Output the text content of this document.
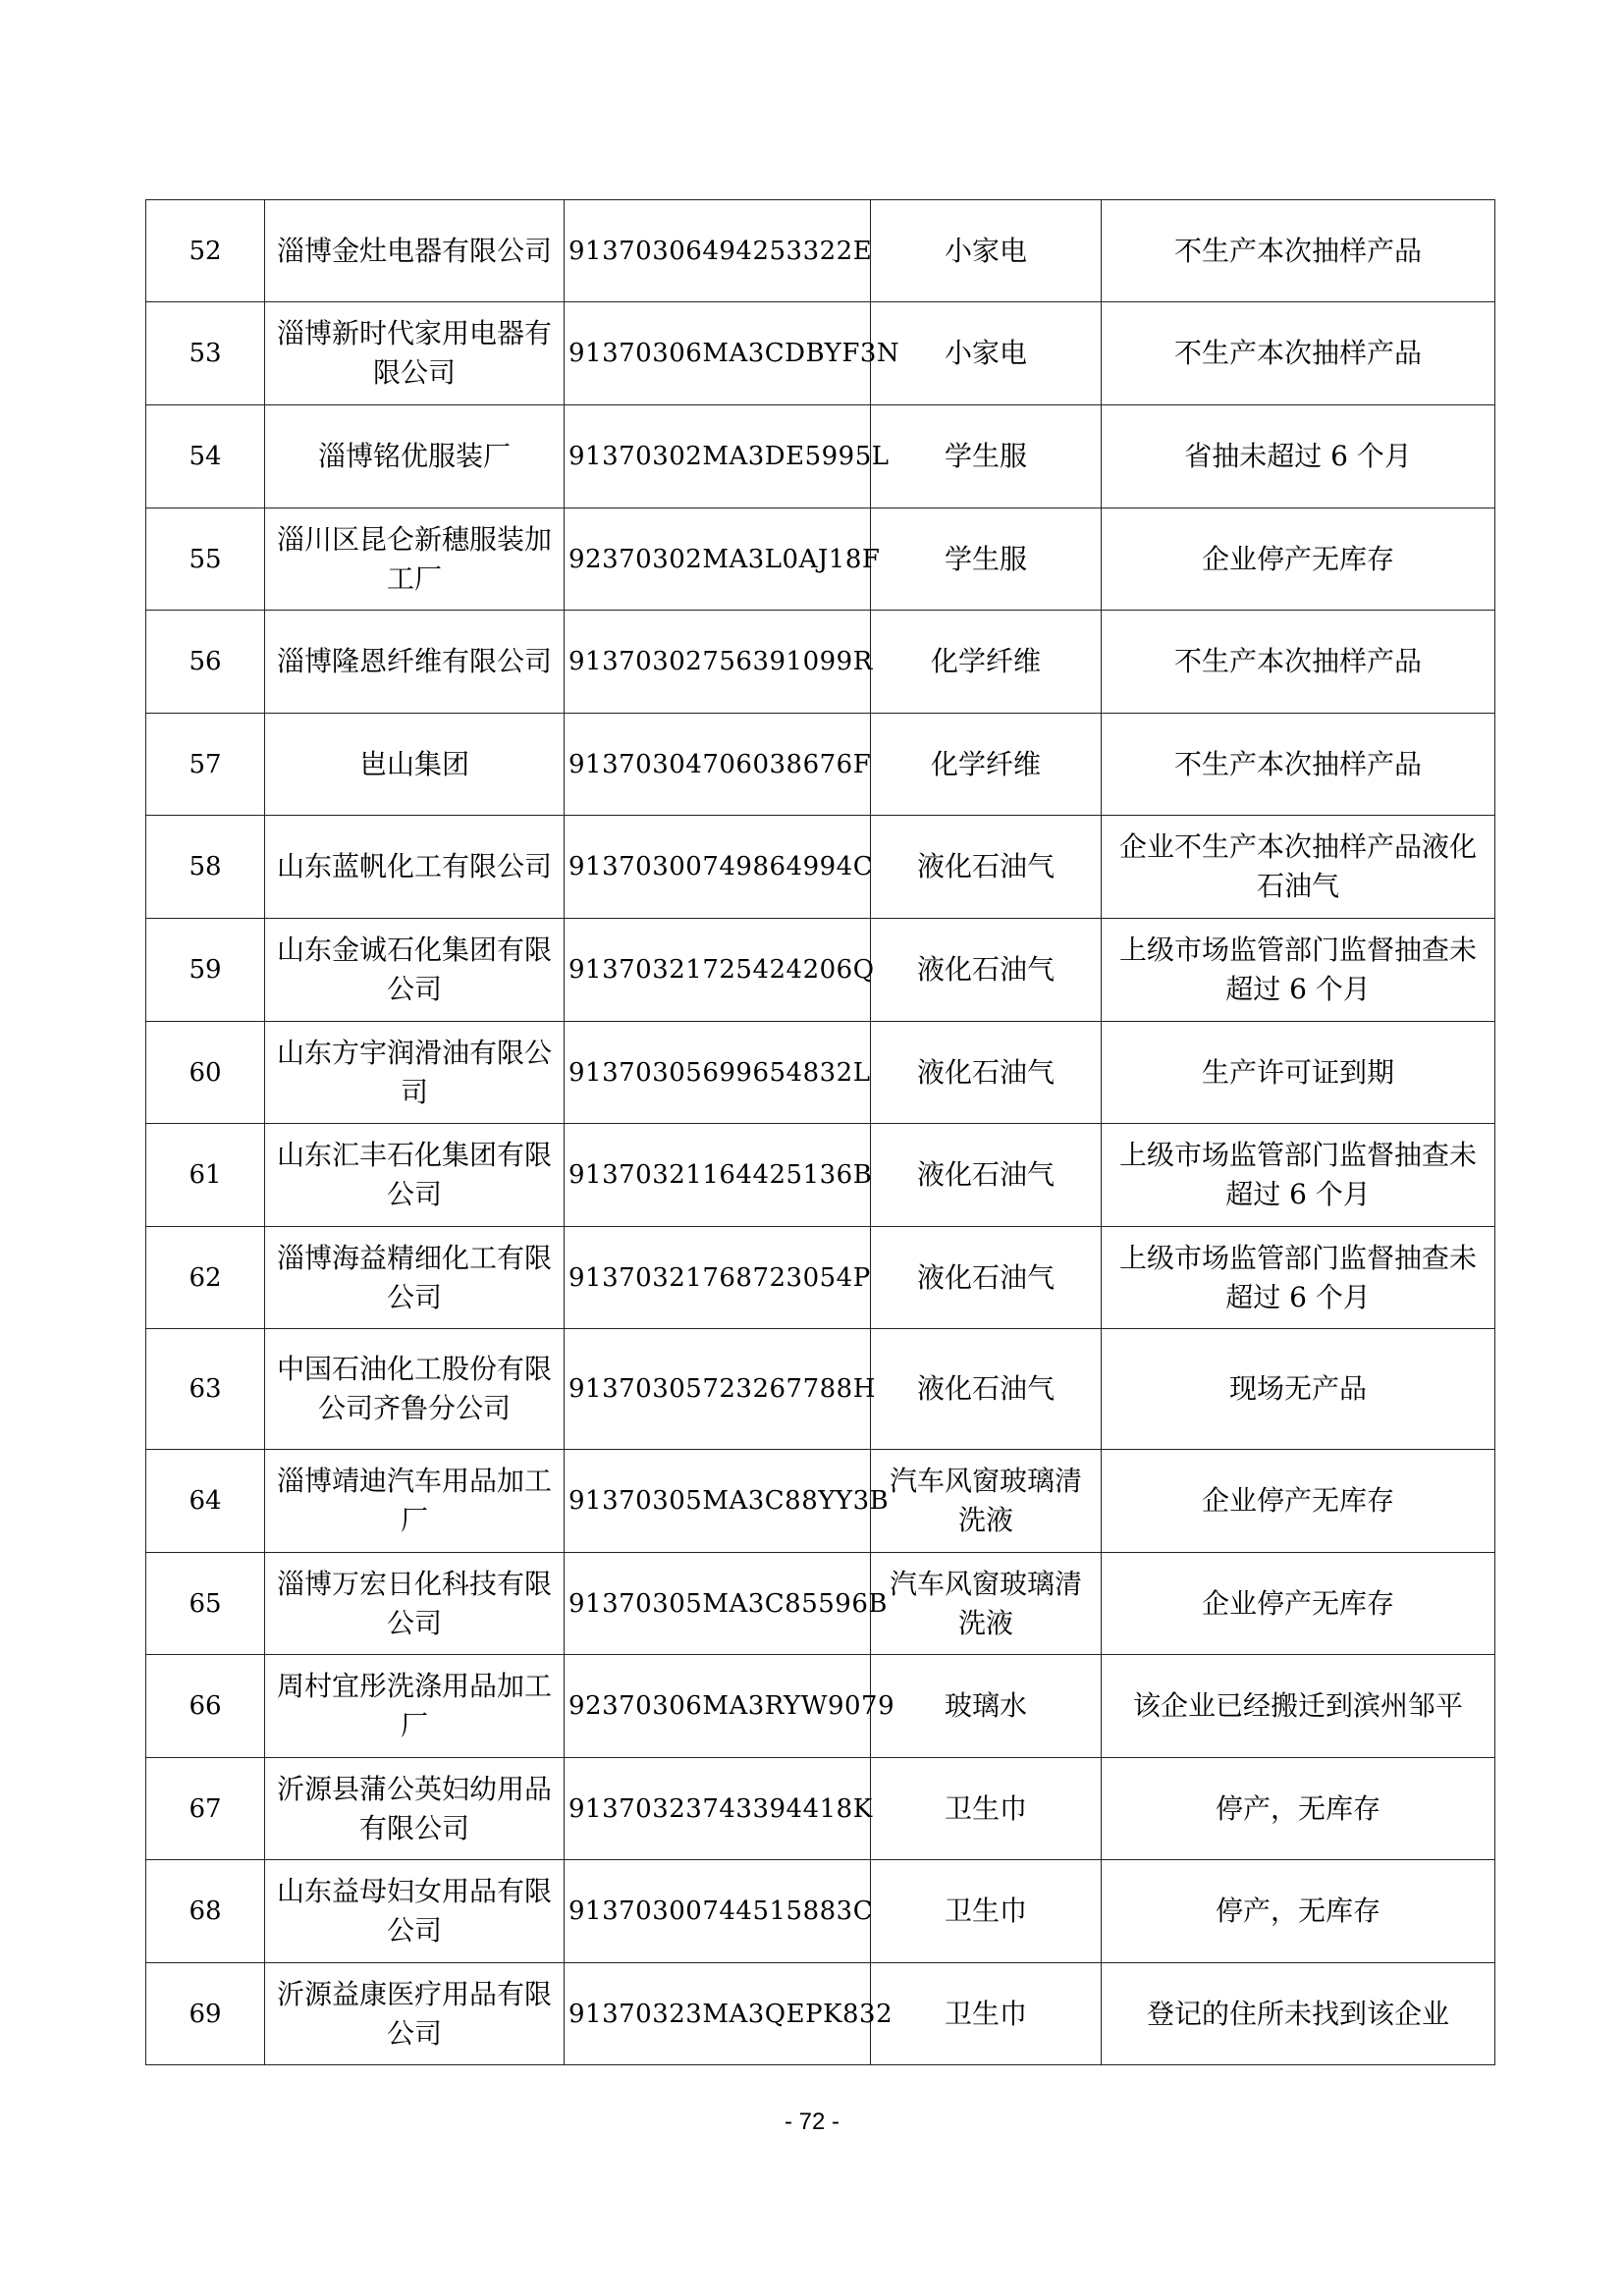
52	淄博金灶电器有限公司	91370306494253322E	小家电	不生产本次抽样产品
53	淄博新时代家用电器有限公司	91370306MA3CDBYF3N	小家电	不生产本次抽样产品
54	淄博铭优服装厂	91370302MA3DE5995L	学生服	省抽未超过 6 个月
55	淄川区昆仑新穗服装加工厂	92370302MA3L0AJ18F	学生服	企业停产无库存
56	淄博隆恩纤维有限公司	91370302756391099R	化学纤维	不生产本次抽样产品
57	岜山集团	91370304706038676F	化学纤维	不生产本次抽样产品
58	山东蓝帆化工有限公司	91370300749864994C	液化石油气	企业不生产本次抽样产品液化石油气
59	山东金诚石化集团有限公司	91370321725424206Q	液化石油气	上级市场监管部门监督抽查未超过 6 个月
60	山东方宇润滑油有限公司	91370305699654832L	液化石油气	生产许可证到期
61	山东汇丰石化集团有限公司	91370321164425136B	液化石油气	上级市场监管部门监督抽查未超过 6 个月
62	淄博海益精细化工有限公司	91370321768723054P	液化石油气	上级市场监管部门监督抽查未超过 6 个月
63	中国石油化工股份有限公司齐鲁分公司	91370305723267788H	液化石油气	现场无产品
64	淄博靖迪汽车用品加工厂	91370305MA3C88YY3B	汽车风窗玻璃清洗液	企业停产无库存
65	淄博万宏日化科技有限公司	91370305MA3C85596B	汽车风窗玻璃清洗液	企业停产无库存
66	周村宜彤洗涤用品加工厂	92370306MA3RYW9079	玻璃水	该企业已经搬迁到滨州邹平
67	沂源县蒲公英妇幼用品有限公司	91370323743394418K	卫生巾	停产，无库存
68	山东益母妇女用品有限公司	91370300744515883C	卫生巾	停产，无库存
69	沂源益康医疗用品有限公司	91370323MA3QEPK832	卫生巾	登记的住所未找到该企业
- 72 -
